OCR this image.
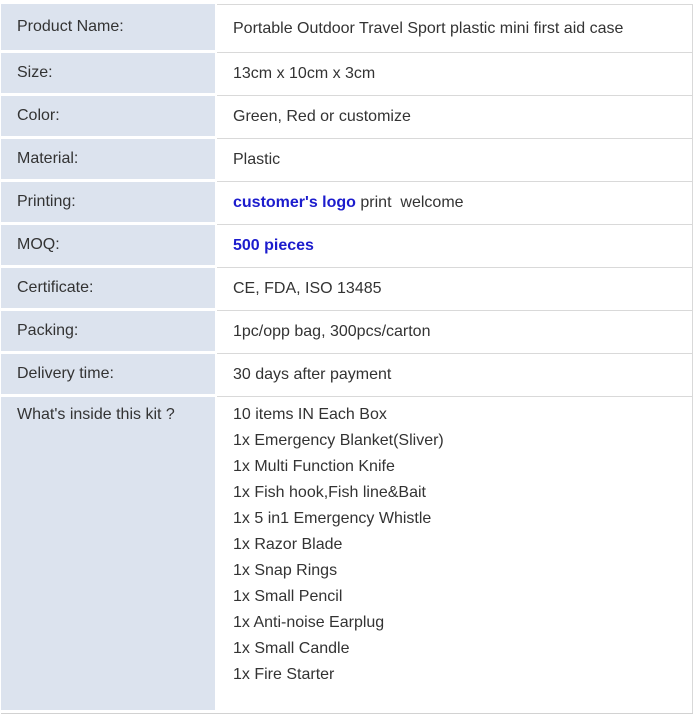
Product Name:	Portable Outdoor Travel Sport plastic mini first aid case
Size:	13cm x 10cm x 3cm
Color:	Green, Red or customize
Material:	Plastic
Printing:	customer's logo print  welcome
MOQ:	500 pieces
Certificate:	CE, FDA, ISO 13485
Packing:	1pc/opp bag, 300pcs/carton
Delivery time:	30 days after payment
What's inside this kit ?	10 items IN Each Box
1x Emergency Blanket(Sliver)
1x Multi Function Knife
1x Fish hook,Fish line&Bait
1x 5 in1 Emergency Whistle
1x Razor Blade
1x Snap Rings
1x Small Pencil
1x Anti-noise Earplug
1x Small Candle
1x Fire Starter
